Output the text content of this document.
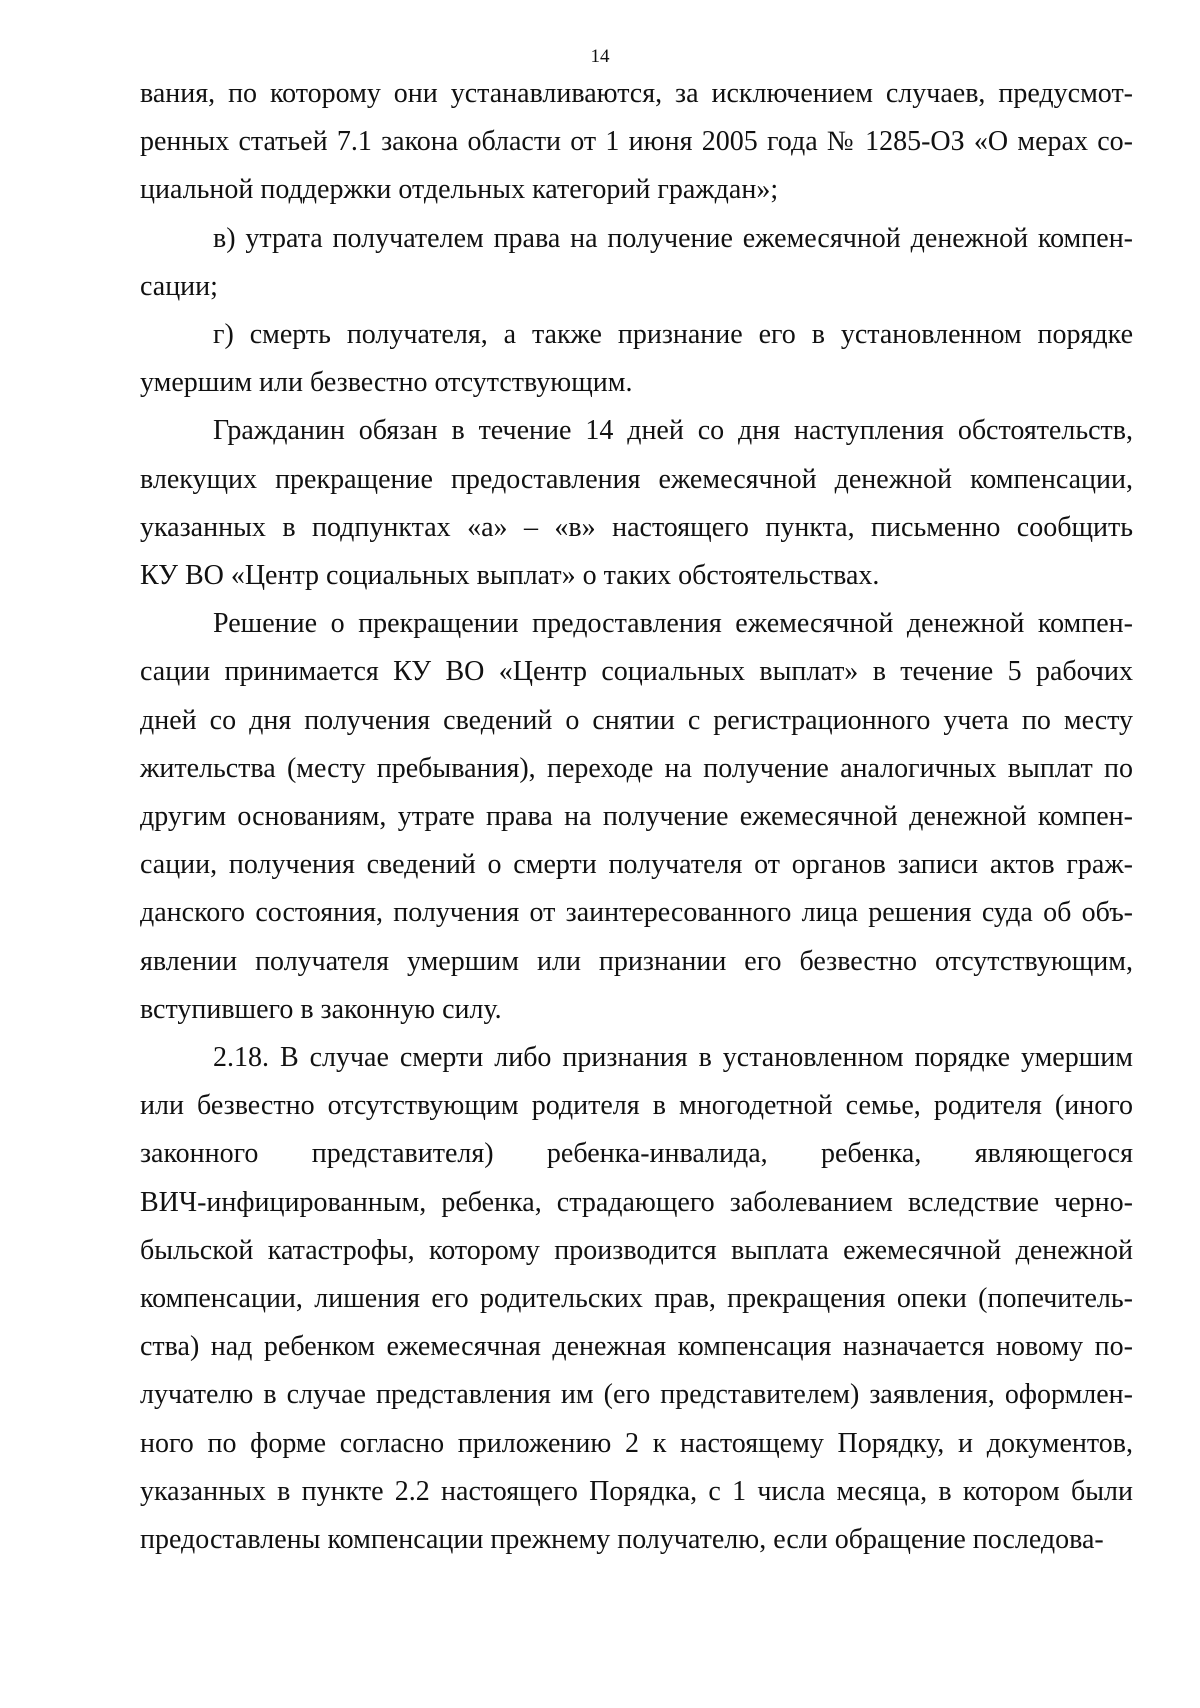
14
вания, по которому они устанавливаются, за исключением случаев, предусмот-
ренных статьей 7.1 закона области от 1 июня 2005 года № 1285-ОЗ «О мерах со-
циальной поддержки отдельных категорий граждан»;
в) утрата получателем права на получение ежемесячной денежной компен-
сации;
г) смерть получателя, а также признание его в установленном порядке
умершим или безвестно отсутствующим.
Гражданин обязан в течение 14 дней со дня наступления обстоятельств,
влекущих прекращение предоставления ежемесячной денежной компенсации,
указанных в подпунктах «а» – «в» настоящего пункта, письменно сообщить
КУ ВО «Центр социальных выплат» о таких обстоятельствах.
Решение о прекращении предоставления ежемесячной денежной компен-
сации принимается КУ ВО «Центр социальных выплат» в течение 5 рабочих
дней со дня получения сведений о снятии с регистрационного учета по месту
жительства (месту пребывания), переходе на получение аналогичных выплат по
другим основаниям, утрате права на получение ежемесячной денежной компен-
сации, получения сведений о смерти получателя от органов записи актов граж-
данского состояния, получения от заинтересованного лица решения суда об объ-
явлении получателя умершим или признании его безвестно отсутствующим,
вступившего в законную силу.
2.18. В случае смерти либо признания в установленном порядке умершим
или безвестно отсутствующим родителя в многодетной семье, родителя (иного
законного представителя) ребенка-инвалида, ребенка, являющегося
ВИЧ-инфицированным, ребенка, страдающего заболеванием вследствие черно-
быльской катастрофы, которому производится выплата ежемесячной денежной
компенсации, лишения его родительских прав, прекращения опеки (попечитель-
ства) над ребенком ежемесячная денежная компенсация назначается новому по-
лучателю в случае представления им (его представителем) заявления, оформлен-
ного по форме согласно приложению 2 к настоящему Порядку, и документов,
указанных в пункте 2.2 настоящего Порядка, с 1 числа месяца, в котором были
предоставлены компенсации прежнему получателю, если обращение последова-
